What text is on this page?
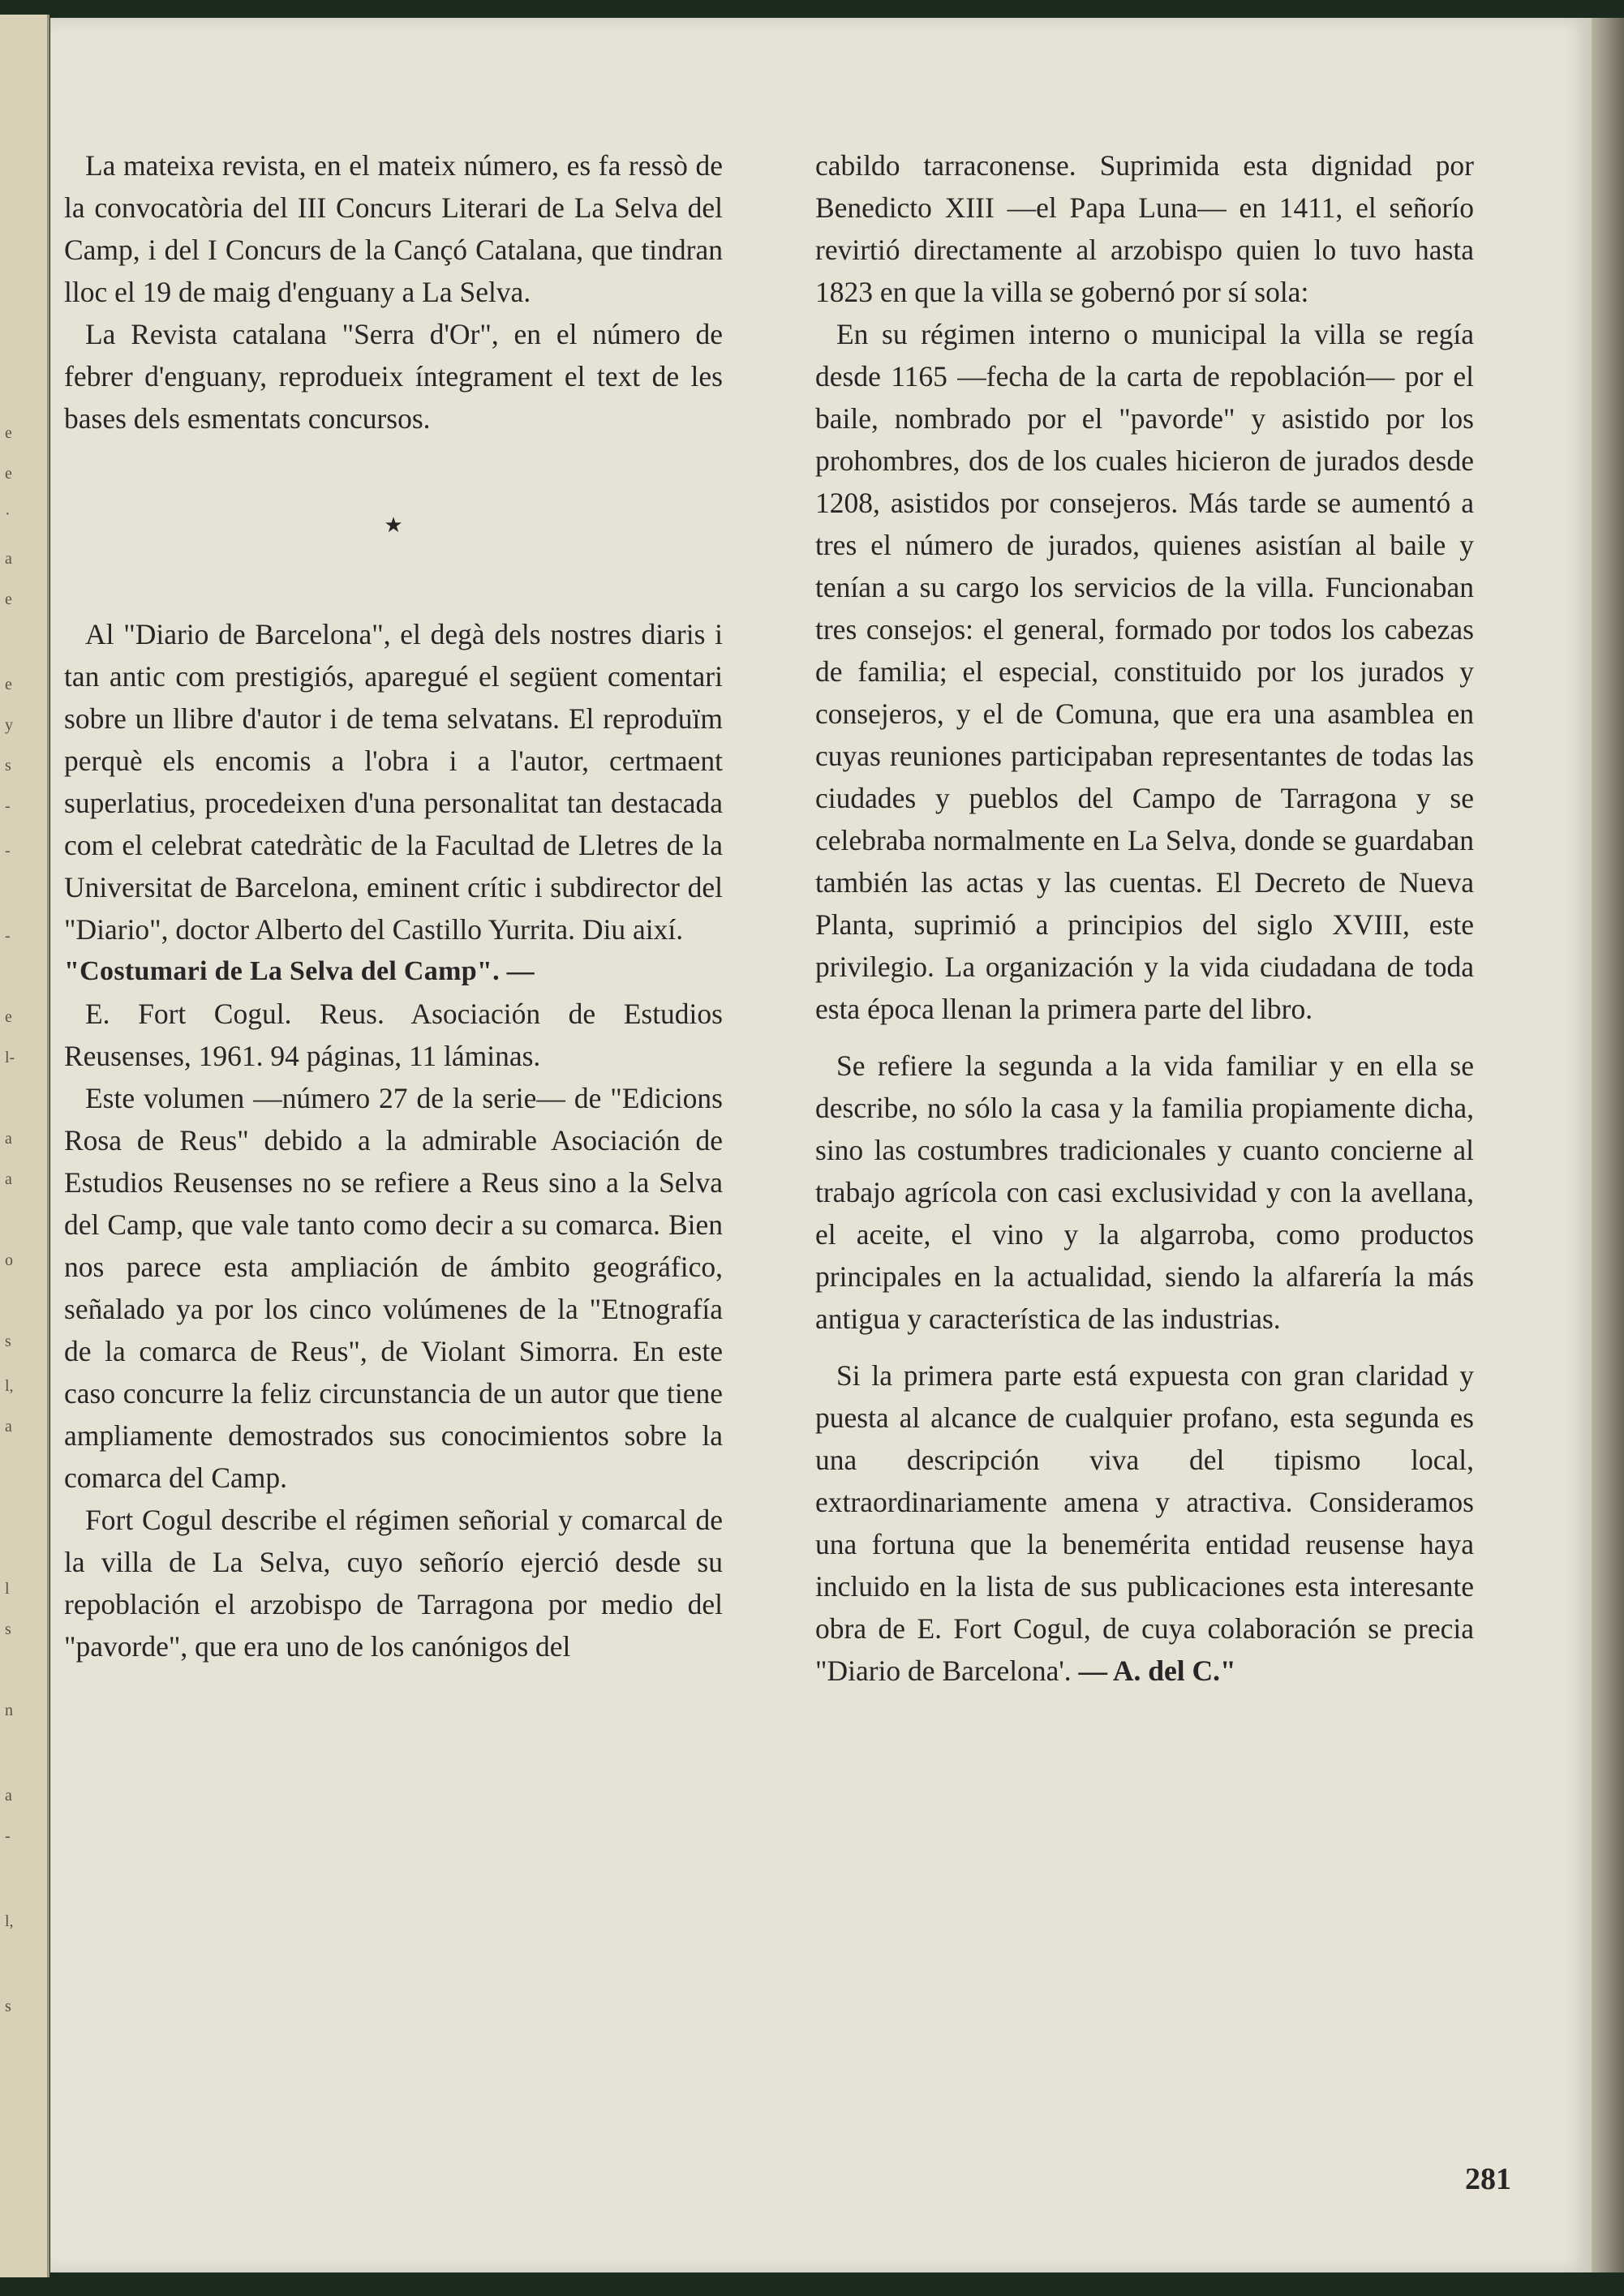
e
e
·
a
e
e
y
s
-
-
-
e
l-
a
a
o
s
l,
a
l
s
n
a
-
l,
s

La mateixa revista, en el mateix número, es fa ressò de la convocatòria del III Concurs Literari de La Selva del Camp, i del I Concurs de la Cançó Catalana, que tindran lloc el 19 de maig d'enguany a La Selva.

La Revista catalana "Serra d'Or", en el número de febrer d'enguany, reprodueix íntegrament el text de les bases dels esmentats concursos.

★

Al "Diario de Barcelona", el degà dels nostres diaris i tan antic com prestigiós, aparegué el següent comentari sobre un llibre d'autor i de tema selvatans. El reproduïm perquè els encomis a l'obra i a l'autor, certmaent superlatius, procedeixen d'una personalitat tan destacada com el celebrat catedràtic de la Facultad de Lletres de la Universitat de Barcelona, eminent crític i subdirector del "Diario", doctor Alberto del Castillo Yurrita. Diu així.

"Costumari de La Selva del Camp". —

E. Fort Cogul. Reus. Asociación de Estudios Reusenses, 1961. 94 páginas, 11 láminas.

Este volumen —número 27 de la serie— de "Edicions Rosa de Reus" debido a la admirable Asociación de Estudios Reusenses no se refiere a Reus sino a la Selva del Camp, que vale tanto como decir a su comarca. Bien nos parece esta ampliación de ámbito geográfico, señalado ya por los cinco volúmenes de la "Etnografía de la comarca de Reus", de Violant Simorra. En este caso concurre la feliz circunstancia de un autor que tiene ampliamente demostrados sus conocimientos sobre la comarca del Camp.

Fort Cogul describe el régimen señorial y comarcal de la villa de La Selva, cuyo señorío ejerció desde su repoblación el arzobispo de Tarragona por medio del "pavorde", que era uno de los canónigos del

cabildo tarraconense. Suprimida esta dignidad por Benedicto XIII —el Papa Luna— en 1411, el señorío revirtió directamente al arzobispo quien lo tuvo hasta 1823 en que la villa se gobernó por sí sola:

En su régimen interno o municipal la villa se regía desde 1165 —fecha de la carta de repoblación— por el baile, nombrado por el "pavorde" y asistido por los prohombres, dos de los cuales hicieron de jurados desde 1208, asistidos por consejeros. Más tarde se aumentó a tres el número de jurados, quienes asistían al baile y tenían a su cargo los servicios de la villa. Funcionaban tres consejos: el general, formado por todos los cabezas de familia; el especial, constituido por los jurados y consejeros, y el de Comuna, que era una asamblea en cuyas reuniones participaban representantes de todas las ciudades y pueblos del Campo de Tarragona y se celebraba normalmente en La Selva, donde se guardaban también las actas y las cuentas. El Decreto de Nueva Planta, suprimió a principios del siglo XVIII, este privilegio. La organización y la vida ciudadana de toda esta época llenan la primera parte del libro.

Se refiere la segunda a la vida familiar y en ella se describe, no sólo la casa y la familia propiamente dicha, sino las costumbres tradicionales y cuanto concierne al trabajo agrícola con casi exclusividad y con la avellana, el aceite, el vino y la algarroba, como productos principales en la actualidad, siendo la alfarería la más antigua y característica de las industrias.

Si la primera parte está expuesta con gran claridad y puesta al alcance de cualquier profano, esta segunda es una descripción viva del tipismo local, extraordinariamente amena y atractiva. Consideramos una fortuna que la benemérita entidad reusense haya incluido en la lista de sus publicaciones esta interesante obra de E. Fort Cogul, de cuya colaboración se precia "Diario de Barcelona'. — A. del C."

281
